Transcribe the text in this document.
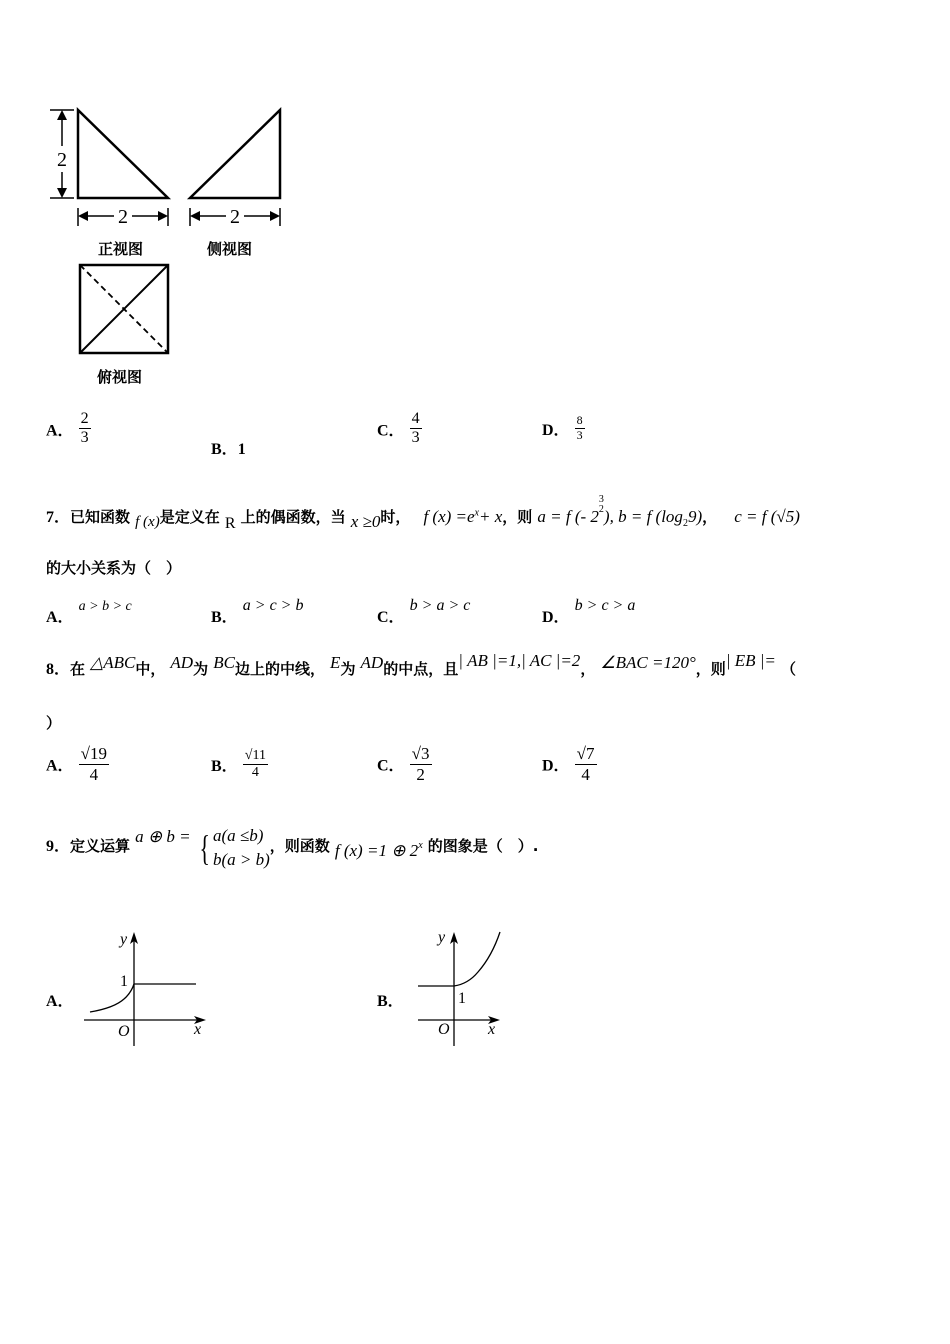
2
2	2
正视图	侧视图
俯视图
A． $\frac{2}{3}$
B．1
C． $\frac{4}{3}$	D． $\frac{8}{3}$
7．已知函数 f (x)是定义在 R 上的偶函数，当 x ≥0时， f $(x) =e^x+ x$，则 a = f (- 2
3
2 ), b = f $(\log_29)$， c = f (√5)
的大小关系为（　）
A． a > b > c
B． a > c > b
C． b > a > c
D． b > c > a
8．在 △ABC中， AD为 BC边上的中线， E为 AD的中点，且| AB |=1,| AC |=2， ∠BAC =120°，则| EB |= （
）
A． $\frac{√19}{4}$	B． $\frac{√11}{4}$	C． $\frac{√3}{2}$	D． $\frac{√7}{4}$
9．定义运算 a ⊕ b = { a(a ≤b)
b(a > b)
，则函数 f (x) =1 ⊕ 2$^x$ 的图象是（　）.
A．
y
x
O
1
B．
y
x
O
1
